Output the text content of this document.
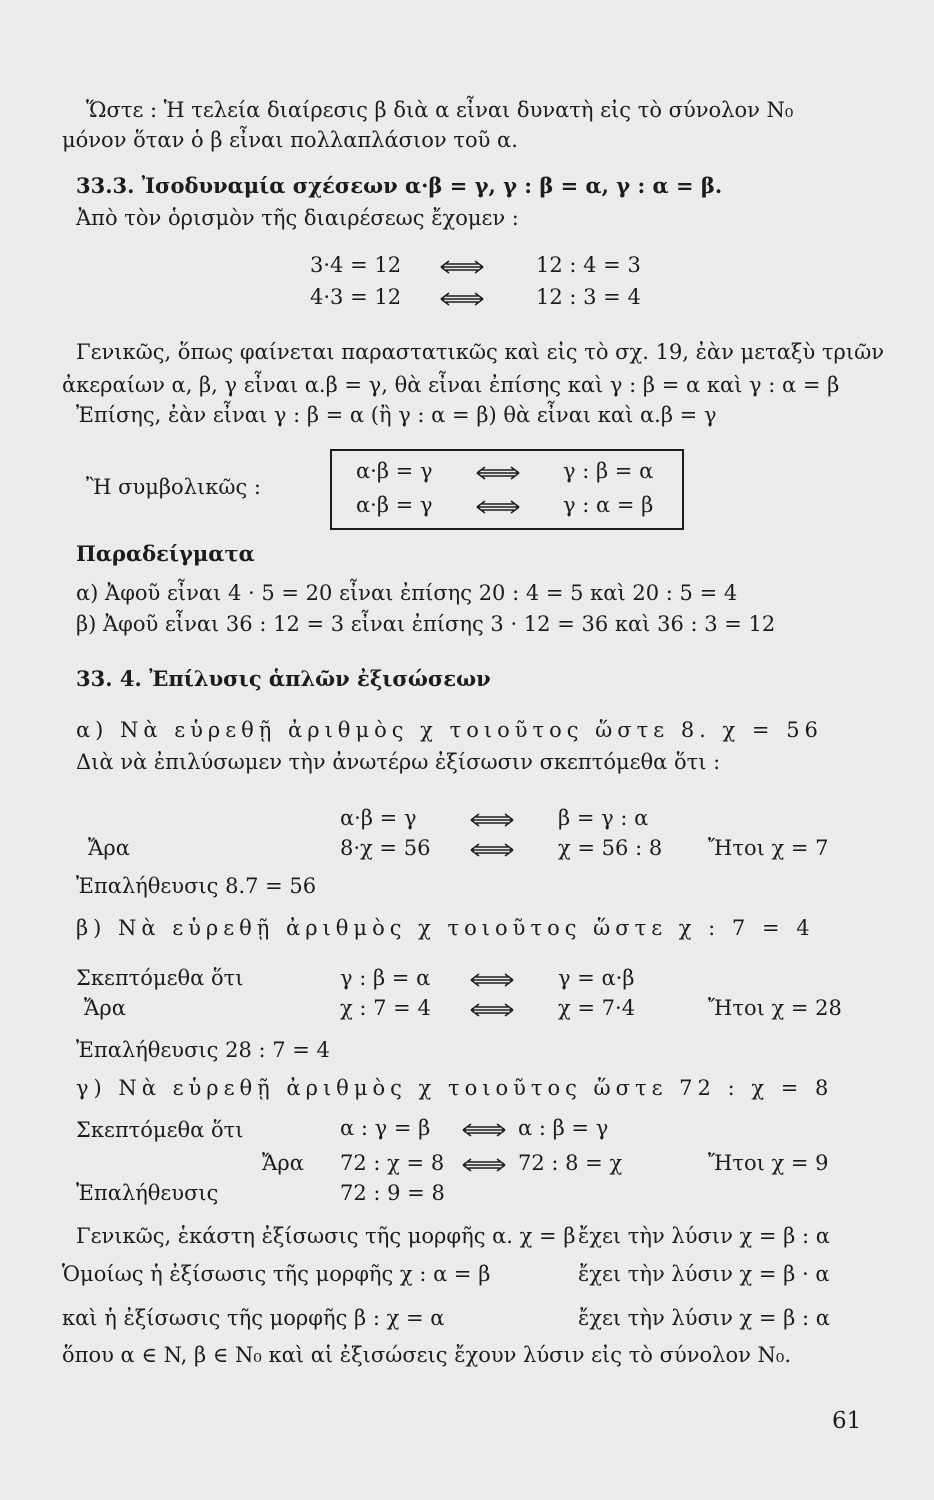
Ὥστε : Ἡ τελεία διαίρεσις β διὰ α εἶναι δυνατὴ εἰς τὸ σύνολον N₀
μόνον ὅταν ὁ β εἶναι πολλαπλάσιον τοῦ α.
33.3. Ἰσοδυναμία σχέσεων α·β = γ, γ : β = α, γ : α = β.
Ἀπὸ τὸν ὁρισμὸν τῆς διαιρέσεως ἔχομεν :
3·4 = 12	12 : 4 = 3
4·3 = 12	12 : 3 = 4
Γενικῶς, ὅπως φαίνεται παραστατικῶς καὶ εἰς τὸ σχ. 19, ἐὰν μεταξὺ τριῶν
ἀκεραίων α, β, γ εἶναι α.β = γ, θὰ εἶναι ἐπίσης καὶ γ : β = α καὶ γ : α = β
Ἐπίσης, ἐὰν εἶναι γ : β = α (ἢ γ : α = β) θὰ εἶναι καὶ α.β = γ
Ἢ συμβολικῶς :
α·β = γ	γ : β = α
α·β = γ	γ : α = β
Παραδείγματα
α) Ἀφοῦ εἶναι 4 · 5 = 20 εἶναι ἐπίσης 20 : 4 = 5 καὶ 20 : 5 = 4
β) Ἀφοῦ εἶναι 36 : 12 = 3 εἶναι ἐπίσης 3 · 12 = 36 καὶ 36 : 3 = 12
33. 4. Ἐπίλυσις ἁπλῶν ἐξισώσεων
α) Νὰ εὑρεθῇ ἀριθμὸς χ τοιοῦτος ὥστε 8. χ = 56
Διὰ νὰ ἐπιλύσωμεν τὴν ἀνωτέρω ἐξίσωσιν σκεπτόμεθα ὅτι :
α·β = γ	β = γ : α
Ἄρα	8·χ = 56	χ = 56 : 8 Ἤτοι χ = 7
Ἐπαλήθευσις 8.7 = 56
β) Νὰ εὑρεθῇ ἀριθμὸς χ τοιοῦτος ὥστε χ : 7 = 4
Σκεπτόμεθα ὅτι	γ : β = α	γ = α·β
Ἄρα	χ : 7 = 4	χ = 7·4	Ἤτοι χ = 28
Ἐπαλήθευσις 28 : 7 = 4
γ) Νὰ εὑρεθῇ ἀριθμὸς χ τοιοῦτος ὥστε 72 : χ = 8
Σκεπτόμεθα ὅτι	α : γ = β	α : β = γ
Ἄρα 72 : χ = 8	72 : 8 = χ	Ἤτοι χ = 9
Ἐπαλήθευσις	72 : 9 = 8
Γενικῶς, ἑκάστη ἐξίσωσις τῆς μορφῆς α. χ = β ἔχει τὴν λύσιν χ = β : α
Ὁμοίως ἡ ἐξίσωσις τῆς μορφῆς χ : α = β	ἔχει τὴν λύσιν χ = β · α
καὶ ἡ ἐξίσωσις τῆς μορφῆς β : χ = α	ἔχει τὴν λύσιν χ = β : α
ὅπου α ∈ N, β ∈ N₀ καὶ αἱ ἐξισώσεις ἔχουν λύσιν εἰς τὸ σύνολον N₀.
61
